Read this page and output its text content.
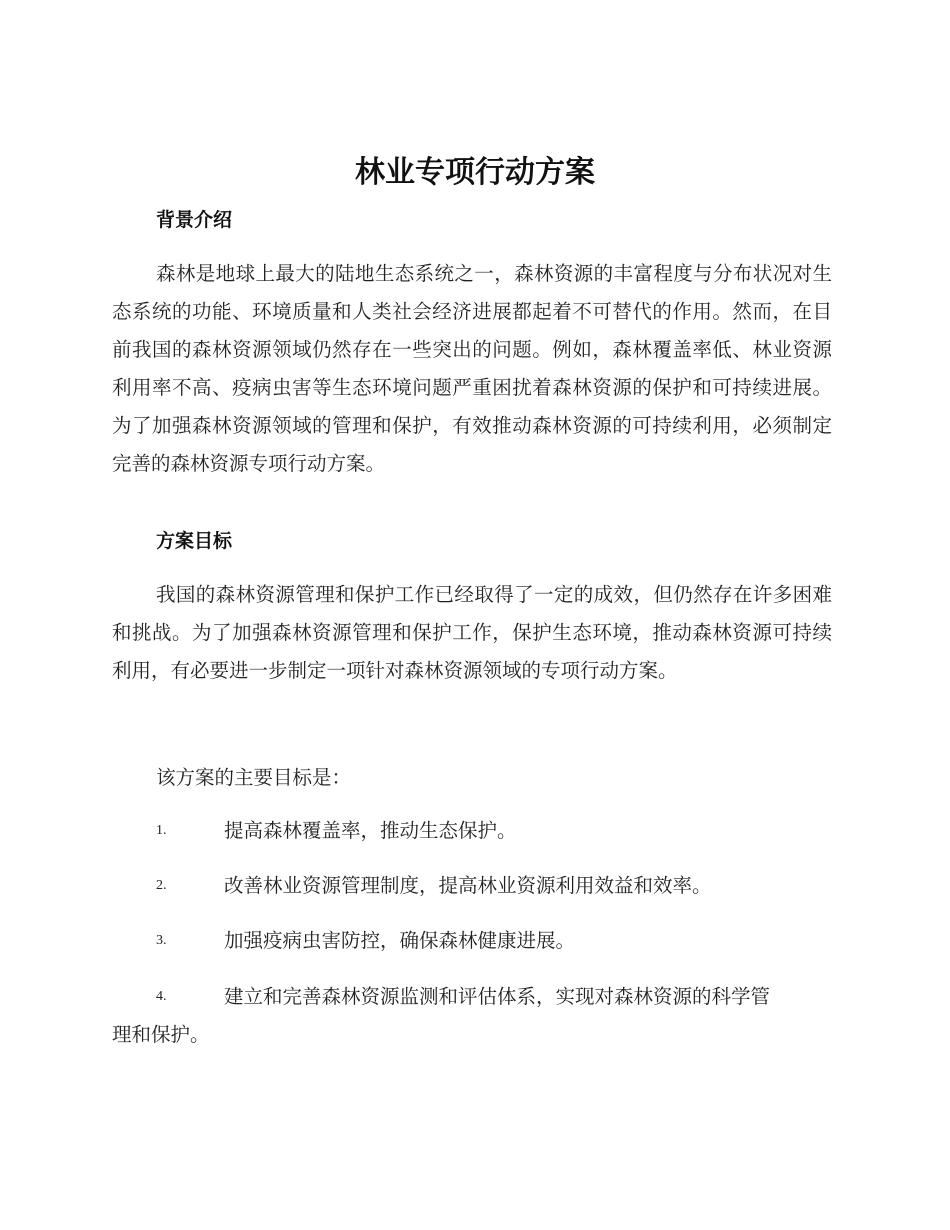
林业专项行动方案
背景介绍

森林是地球上最大的陆地生态系统之一，森林资源的丰富程度与分布状况对生态系统的功能、环境质量和人类社会经济进展都起着不可替代的作用。然而，在目前我国的森林资源领域仍然存在一些突出的问题。例如，森林覆盖率低、林业资源利用率不高、疫病虫害等生态环境问题严重困扰着森林资源的保护和可持续进展。为了加强森林资源领域的管理和保护，有效推动森林资源的可持续利用，必须制定完善的森林资源专项行动方案。

方案目标

我国的森林资源管理和保护工作已经取得了一定的成效，但仍然存在许多困难和挑战。为了加强森林资源管理和保护工作，保护生态环境，推动森林资源可持续利用，有必要进一步制定一项针对森林资源领域的专项行动方案。

该方案的主要目标是：

1.	提高森林覆盖率，推动生态保护。
2.	改善林业资源管理制度，提高林业资源利用效益和效率。
3.	加强疫病虫害防控，确保森林健康进展。
4.	建立和完善森林资源监测和评估体系，实现对森林资源的科学管
理和保护。
